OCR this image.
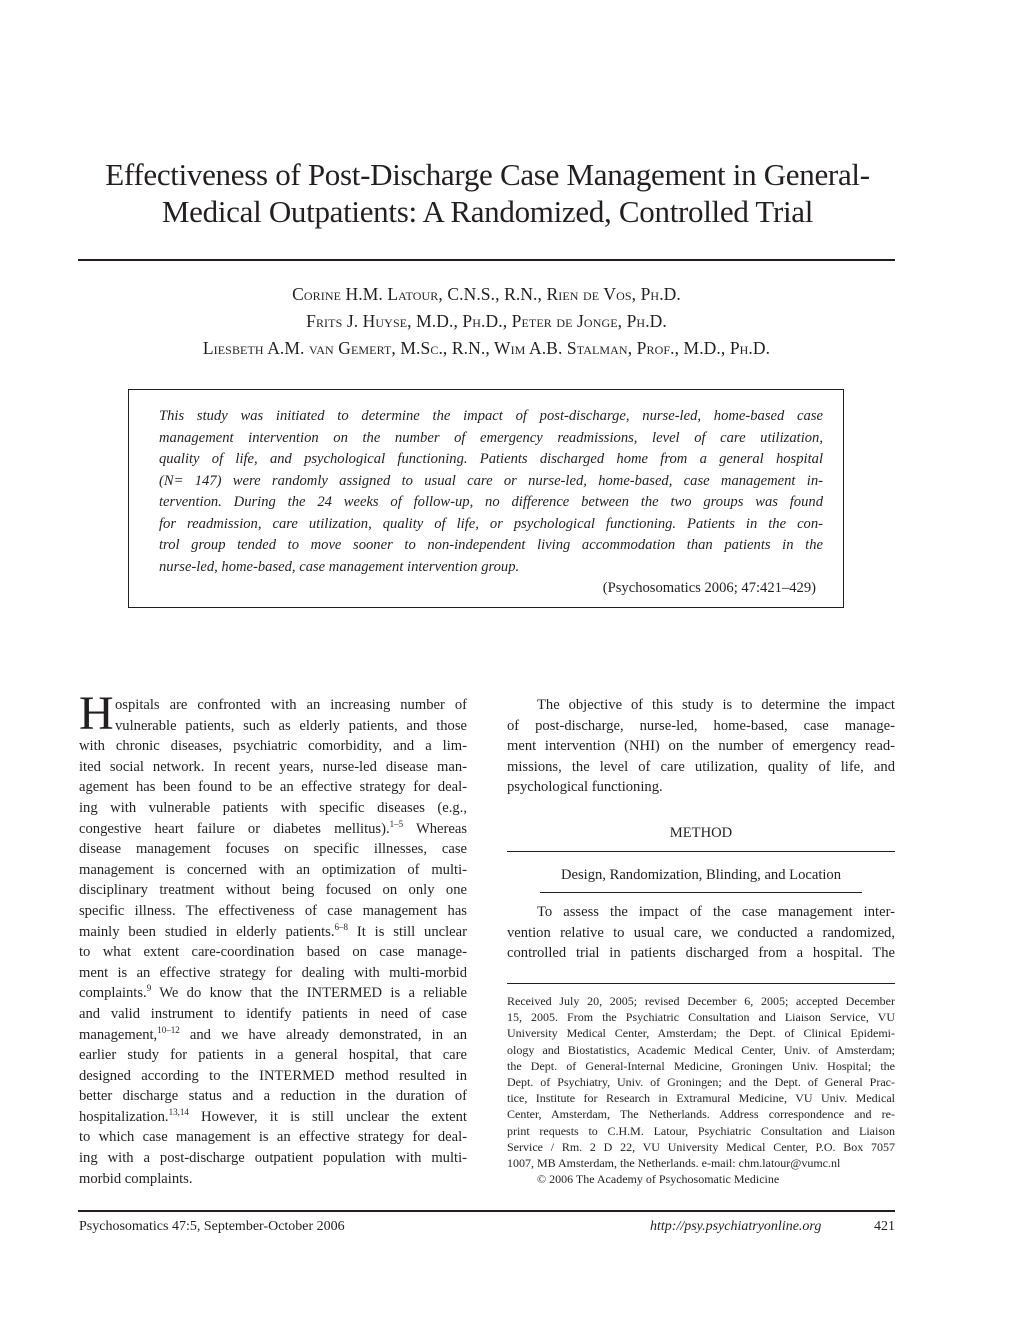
Effectiveness of Post-Discharge Case Management in General-
Medical Outpatients: A Randomized, Controlled Trial
Corine H.M. Latour, C.N.S., R.N., Rien de Vos, Ph.D.
Frits J. Huyse, M.D., Ph.D., Peter de Jonge, Ph.D.
Liesbeth A.M. van Gemert, M.Sc., R.N., Wim A.B. Stalman, Prof., M.D., Ph.D.
This study was initiated to determine the impact of post-discharge, nurse-led, home-based case
management intervention on the number of emergency readmissions, level of care utilization,
quality of life, and psychological functioning. Patients discharged home from a general hospital
(N= 147) were randomly assigned to usual care or nurse-led, home-based, case management in-
tervention. During the 24 weeks of follow-up, no difference between the two groups was found
for readmission, care utilization, quality of life, or psychological functioning. Patients in the con-
trol group tended to move sooner to non-independent living accommodation than patients in the
nurse-led, home-based, case management intervention group.
(Psychosomatics 2006; 47:421–429)
H ospitals are confronted with an increasing number of
vulnerable patients, such as elderly patients, and those
with chronic diseases, psychiatric comorbidity, and a lim-
ited social network. In recent years, nurse-led disease man-
agement has been found to be an effective strategy for deal-
ing with vulnerable patients with specific diseases (e.g.,
congestive heart failure or diabetes mellitus).$^{1-5}$ Whereas
disease management focuses on specific illnesses, case
management is concerned with an optimization of multi-
disciplinary treatment without being focused on only one
specific illness. The effectiveness of case management has
mainly been studied in elderly patients.$^{6-8}$ It is still unclear
to what extent care-coordination based on case manage-
ment is an effective strategy for dealing with multi-morbid
complaints.$^9$ We do know that the INTERMED is a reliable
and valid instrument to identify patients in need of case
management,$^{10-12}$ and we have already demonstrated, in an
earlier study for patients in a general hospital, that care
designed according to the INTERMED method resulted in
better discharge status and a reduction in the duration of
hospitalization.$^{13,14}$ However, it is still unclear the extent
to which case management is an effective strategy for deal-
ing with a post-discharge outpatient population with multi-
morbid complaints.
The objective of this study is to determine the impact
of post-discharge, nurse-led, home-based, case manage-
ment intervention (NHI) on the number of emergency read-
missions, the level of care utilization, quality of life, and
psychological functioning.
METHOD
Design, Randomization, Blinding, and Location
To assess the impact of the case management inter-
vention relative to usual care, we conducted a randomized,
controlled trial in patients discharged from a hospital. The
Received July 20, 2005; revised December 6, 2005; accepted December
15, 2005. From the Psychiatric Consultation and Liaison Service, VU
University Medical Center, Amsterdam; the Dept. of Clinical Epidemi-
ology and Biostatistics, Academic Medical Center, Univ. of Amsterdam;
the Dept. of General-Internal Medicine, Groningen Univ. Hospital; the
Dept. of Psychiatry, Univ. of Groningen; and the Dept. of General Prac-
tice, Institute for Research in Extramural Medicine, VU Univ. Medical
Center, Amsterdam, The Netherlands. Address correspondence and re-
print requests to C.H.M. Latour, Psychiatric Consultation and Liaison
Service / Rm. 2 D 22, VU University Medical Center, P.O. Box 7057
1007, MB Amsterdam, the Netherlands. e-mail: chm.latour@vumc.nl
© 2006 The Academy of Psychosomatic Medicine
Psychosomatics 47:5, September-October 2006	http://psy.psychiatryonline.org	421
